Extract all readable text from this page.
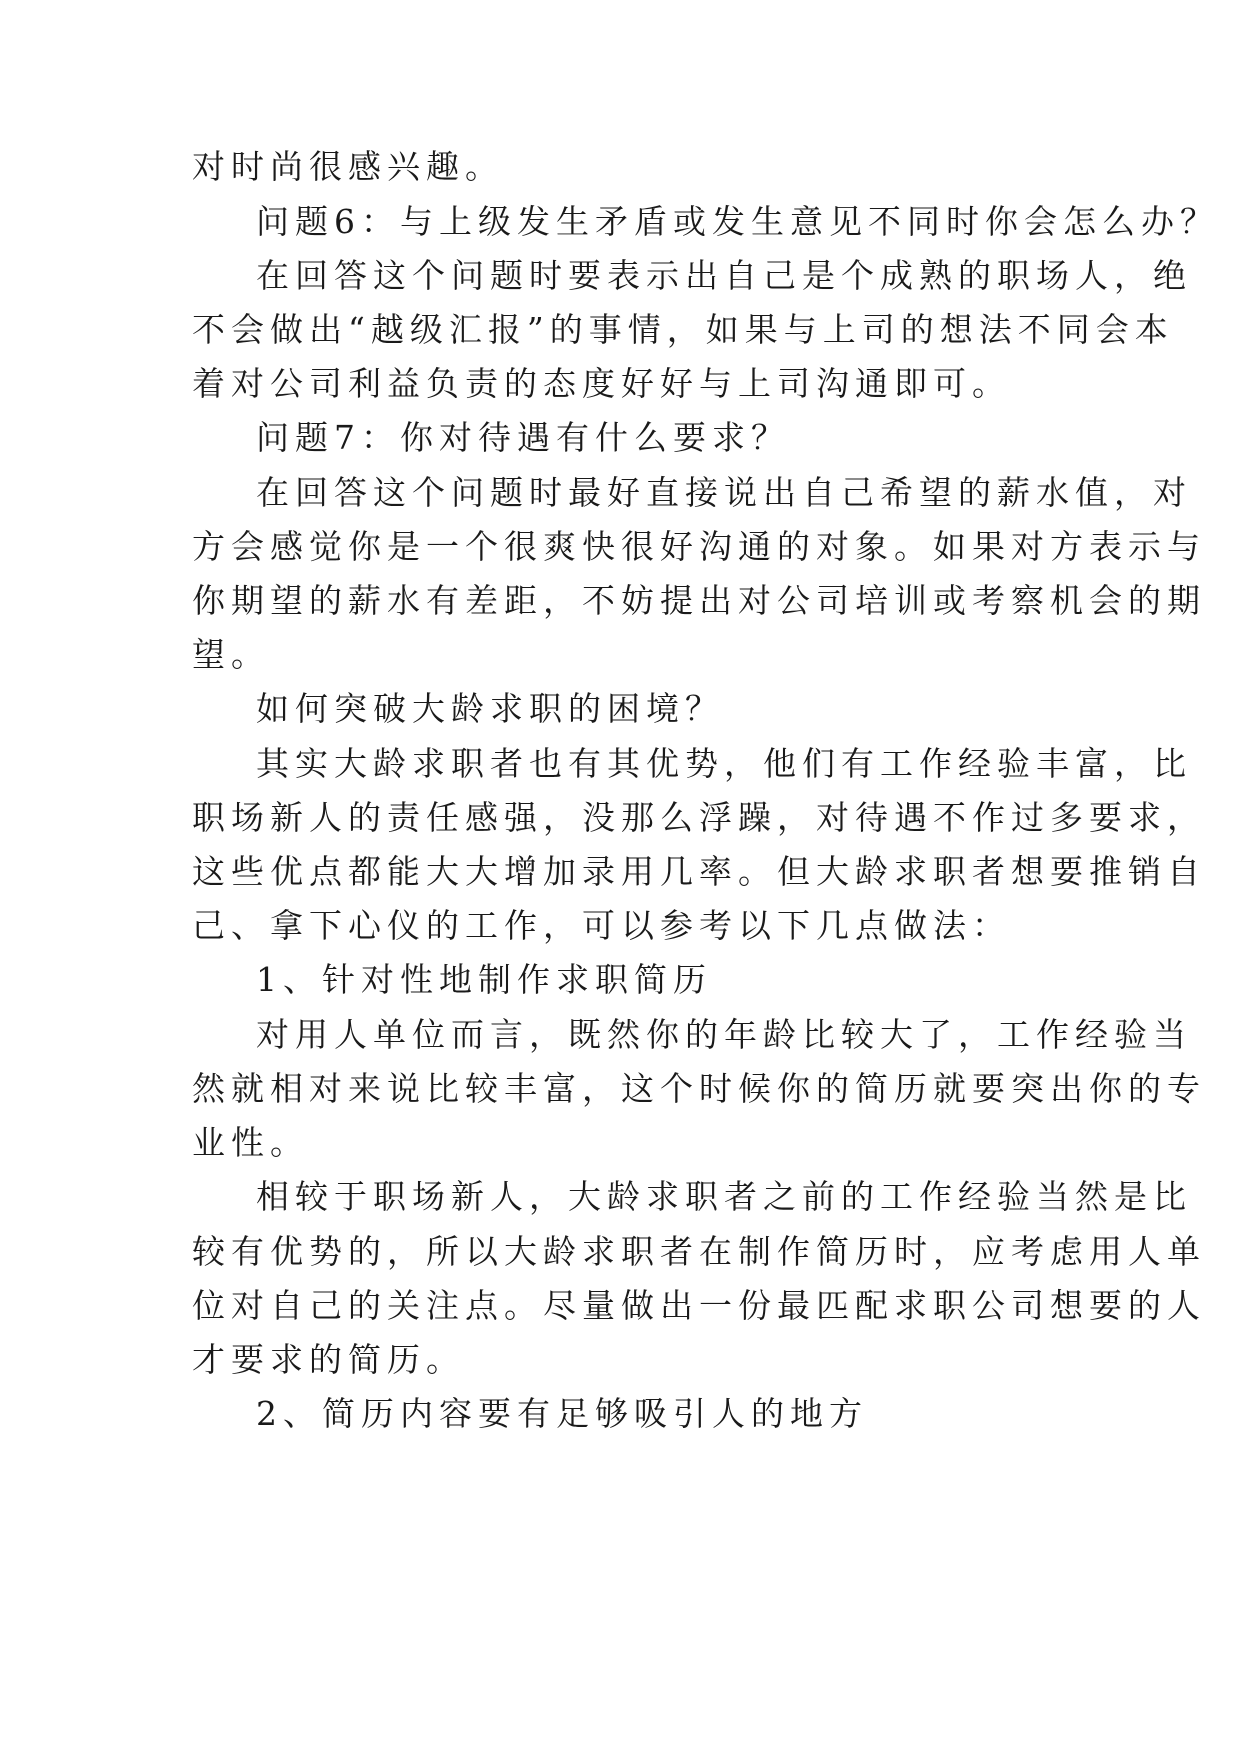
对时尚很感兴趣。

问题6：与上级发生矛盾或发生意见不同时你会怎么办？

在回答这个问题时要表示出自己是个成熟的职场人，绝

不会做出“越级汇报”的事情，如果与上司的想法不同会本

着对公司利益负责的态度好好与上司沟通即可。

问题7：你对待遇有什么要求？

在回答这个问题时最好直接说出自己希望的薪水值，对

方会感觉你是一个很爽快很好沟通的对象。如果对方表示与

你期望的薪水有差距，不妨提出对公司培训或考察机会的期

望。

如何突破大龄求职的困境？

其实大龄求职者也有其优势，他们有工作经验丰富，比

职场新人的责任感强，没那么浮躁，对待遇不作过多要求，

这些优点都能大大增加录用几率。但大龄求职者想要推销自

己、拿下心仪的工作，可以参考以下几点做法：

1、针对性地制作求职简历

对用人单位而言，既然你的年龄比较大了，工作经验当

然就相对来说比较丰富，这个时候你的简历就要突出你的专

业性。

相较于职场新人，大龄求职者之前的工作经验当然是比

较有优势的，所以大龄求职者在制作简历时，应考虑用人单

位对自己的关注点。尽量做出一份最匹配求职公司想要的人

才要求的简历。

2、简历内容要有足够吸引人的地方
